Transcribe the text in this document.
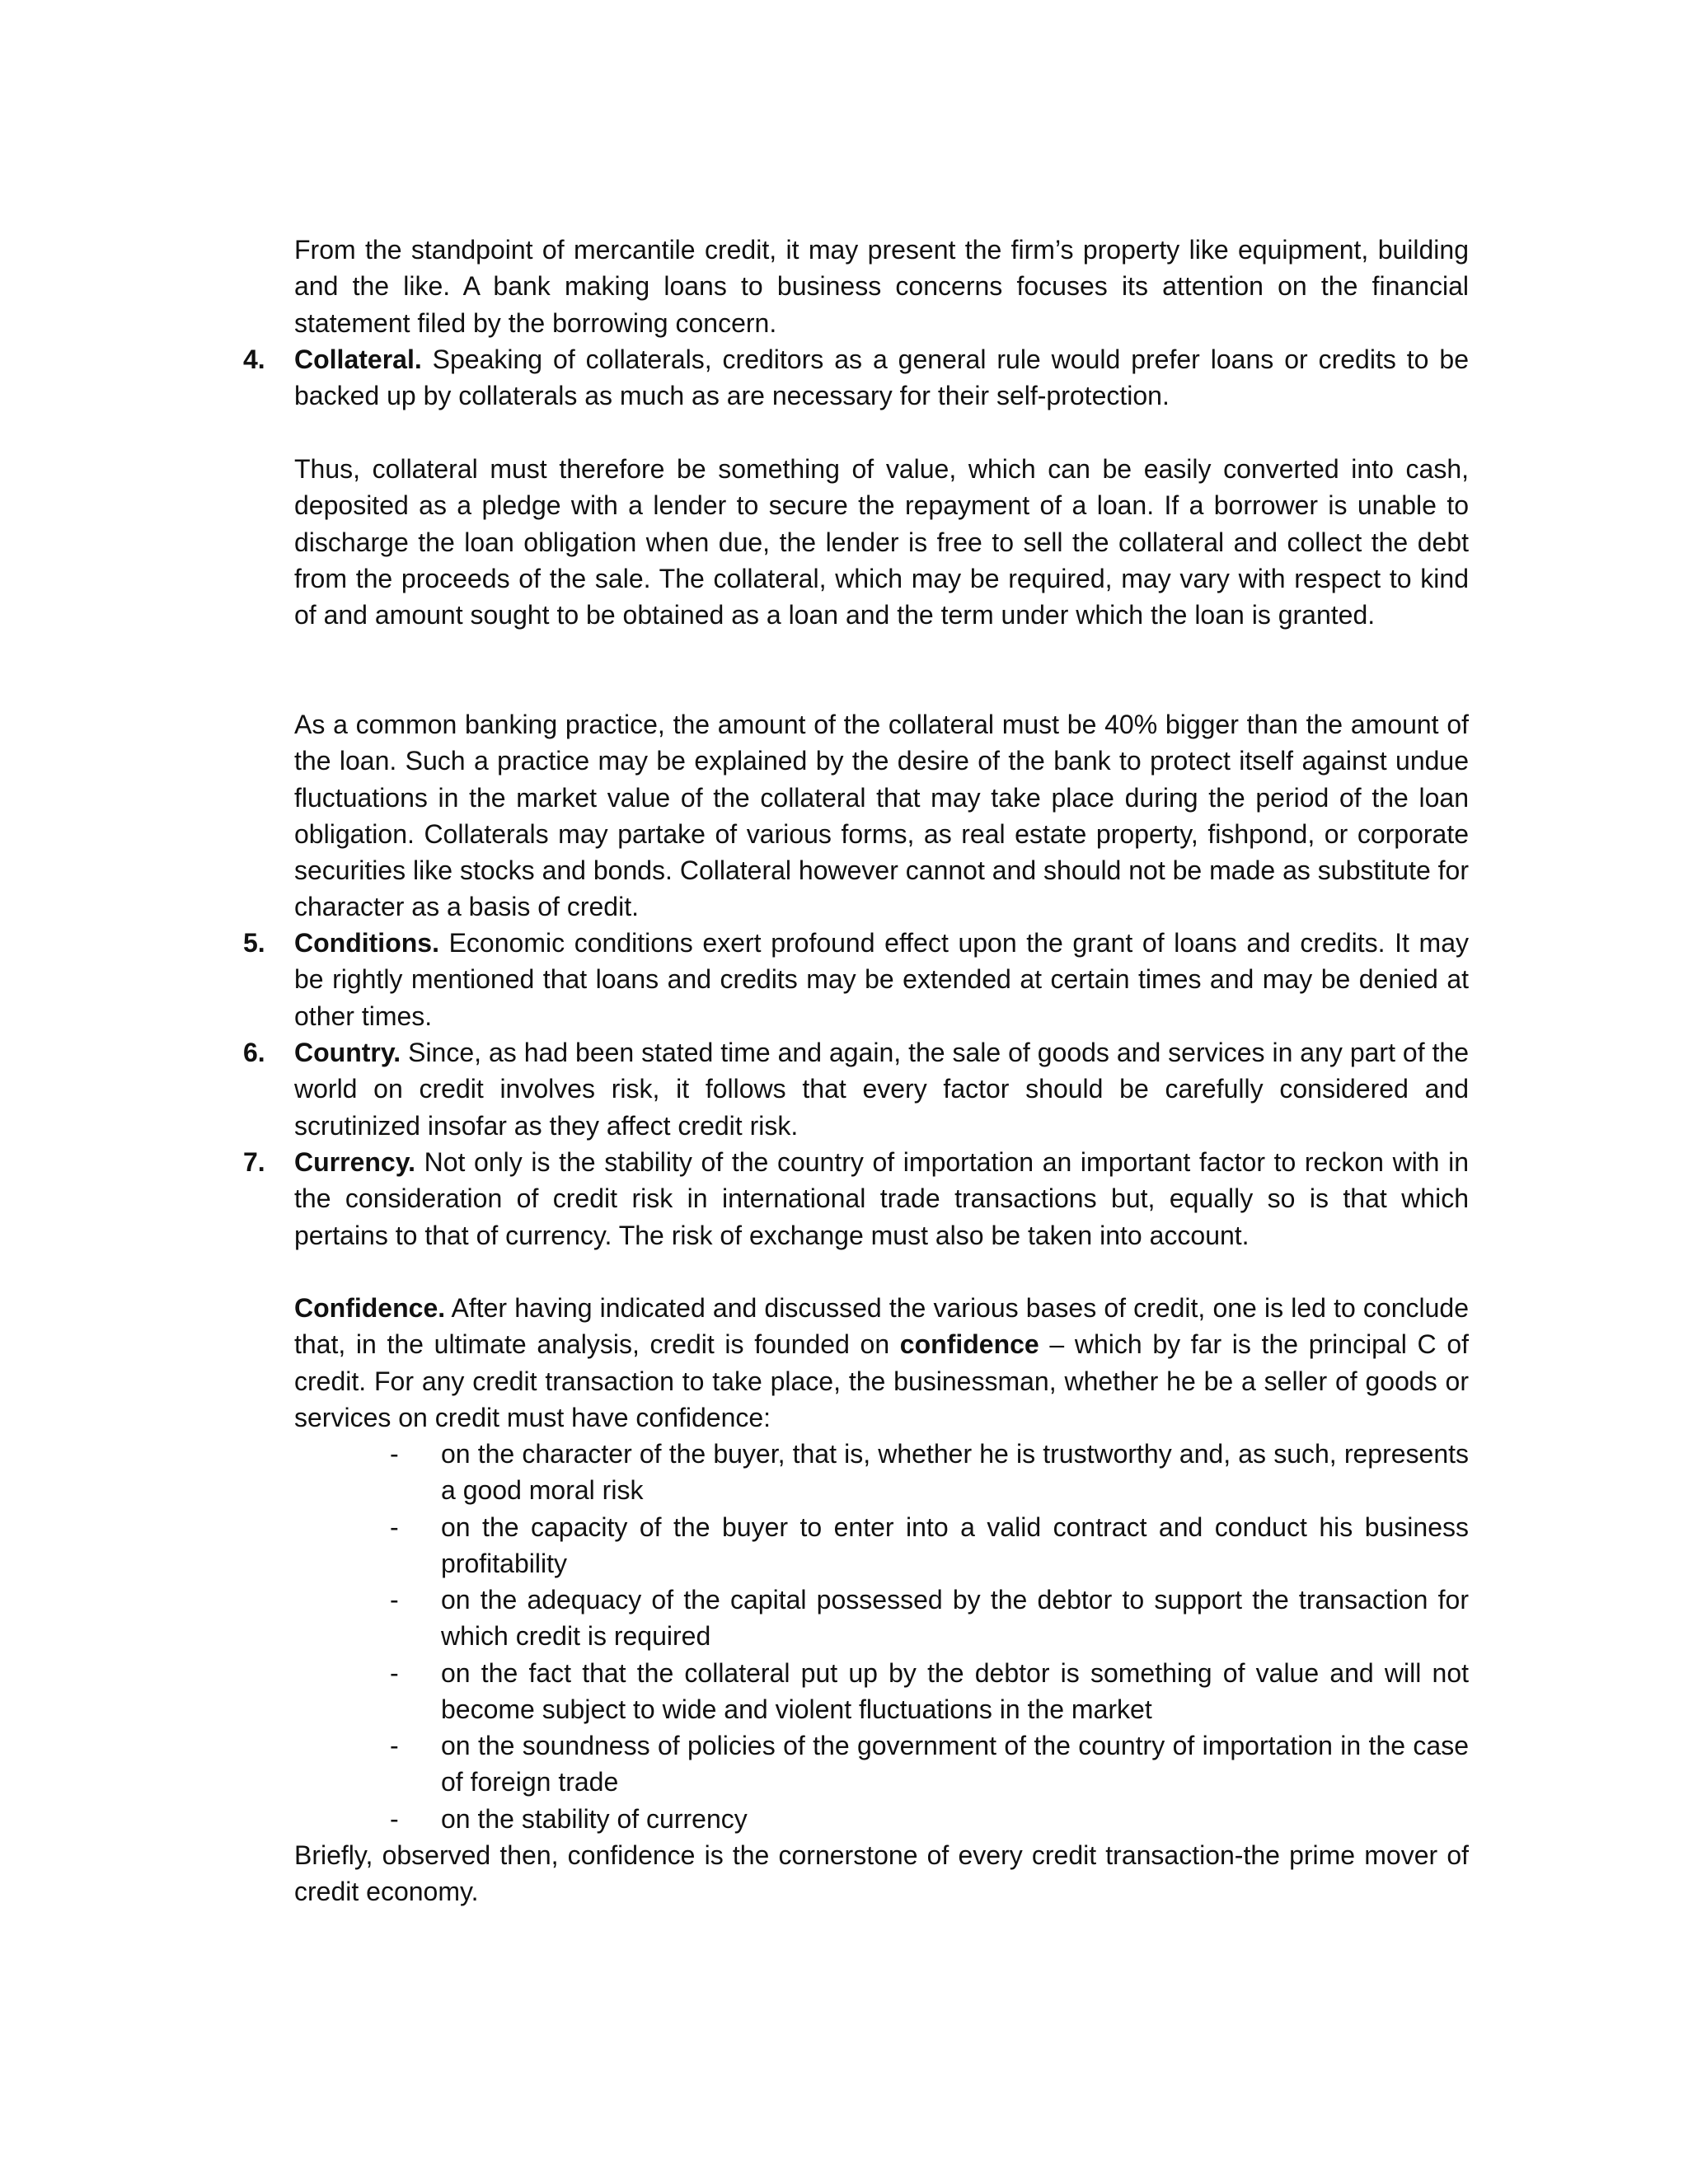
From the standpoint of mercantile credit, it may present the firm’s property like equipment, building and the like. A bank making loans to business concerns focuses its attention on the financial statement filed by the borrowing concern.

4. Collateral. Speaking of collaterals, creditors as a general rule would prefer loans or credits to be backed up by collaterals as much as are necessary for their self-protection.

Thus, collateral must therefore be something of value, which can be easily converted into cash, deposited as a pledge with a lender to secure the repayment of a loan. If a borrower is unable to discharge the loan obligation when due, the lender is free to sell the collateral and collect the debt from the proceeds of the sale. The collateral, which may be required, may vary with respect to kind of and amount sought to be obtained as a loan and the term under which the loan is granted.

As a common banking practice, the amount of the collateral must be 40% bigger than the amount of the loan. Such a practice may be explained by the desire of the bank to protect itself against undue fluctuations in the market value of the collateral that may take place during the period of the loan obligation. Collaterals may partake of various forms, as real estate property, fishpond, or corporate securities like stocks and bonds. Collateral however cannot and should not be made as substitute for character as a basis of credit.

5. Conditions. Economic conditions exert profound effect upon the grant of loans and credits. It may be rightly mentioned that loans and credits may be extended at certain times and may be denied at other times.
6. Country. Since, as had been stated time and again, the sale of goods and services in any part of the world on credit involves risk, it follows that every factor should be carefully considered and scrutinized insofar as they affect credit risk.
7. Currency. Not only is the stability of the country of importation an important factor to reckon with in the consideration of credit risk in international trade transactions but, equally so is that which pertains to that of currency. The risk of exchange must also be taken into account.

Confidence. After having indicated and discussed the various bases of credit, one is led to conclude that, in the ultimate analysis, credit is founded on confidence – which by far is the principal C of credit. For any credit transaction to take place, the businessman, whether he be a seller of goods or services on credit must have confidence:

- on the character of the buyer, that is, whether he is trustworthy and, as such, represents a good moral risk
- on the capacity of the buyer to enter into a valid contract and conduct his business profitability
- on the adequacy of the capital possessed by the debtor to support the transaction for which credit is required
- on the fact that the collateral put up by the debtor is something of value and will not become subject to wide and violent fluctuations in the market
- on the soundness of policies of the government of the country of importation in the case of foreign trade
- on the stability of currency

Briefly, observed then, confidence is the cornerstone of every credit transaction-the prime mover of credit economy.
